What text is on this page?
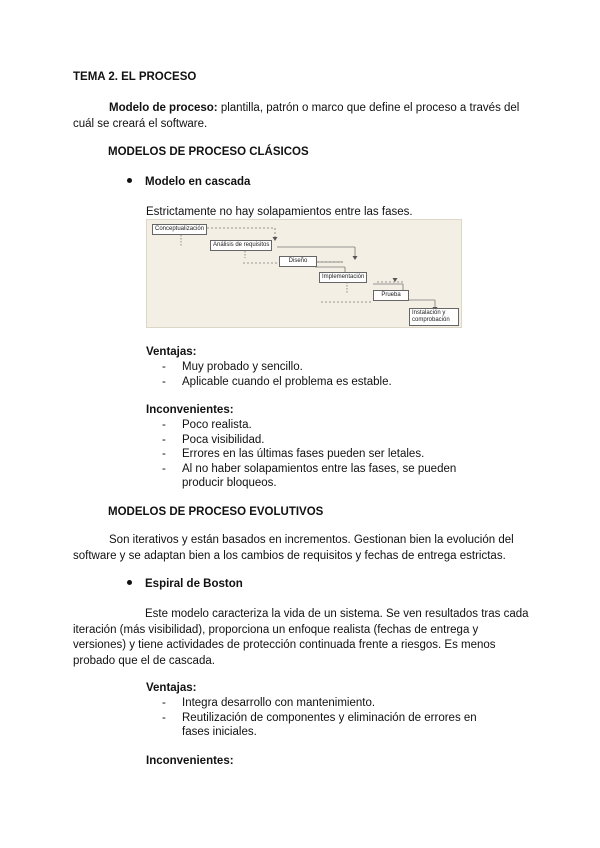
TEMA 2. EL PROCESO

Modelo de proceso: plantilla, patrón o marco que define el proceso a través del cuál se creará el software.

MODELOS DE PROCESO CLÁSICOS
Modelo en cascada
Estrictamente no hay solapamientos entre las fases.
Conceptualización
Análisis de requisitos
Diseño
Implementación
Prueba
Instalación y comprobación
Ventajas:
- Muy probado y sencillo.
- Aplicable cuando el problema es estable.
Inconvenientes:
- Poco realista.
- Poca visibilidad.
- Errores en las últimas fases pueden ser letales.
- Al no haber solapamientos entre las fases, se pueden producir bloqueos.
MODELOS DE PROCESO EVOLUTIVOS

Son iterativos y están basados en incrementos. Gestionan bien la evolución del software y se adaptan bien a los cambios de requisitos y fechas de entrega estrictas.

Espiral de Boston

Este modelo caracteriza la vida de un sistema. Se ven resultados tras cada iteración (más visibilidad), proporciona un enfoque realista (fechas de entrega y versiones) y tiene actividades de protección continuada frente a riesgos. Es menos probado que el de cascada.

Ventajas:
- Integra desarrollo con mantenimiento.
- Reutilización de componentes y eliminación de errores en fases iniciales.
Inconvenientes:
